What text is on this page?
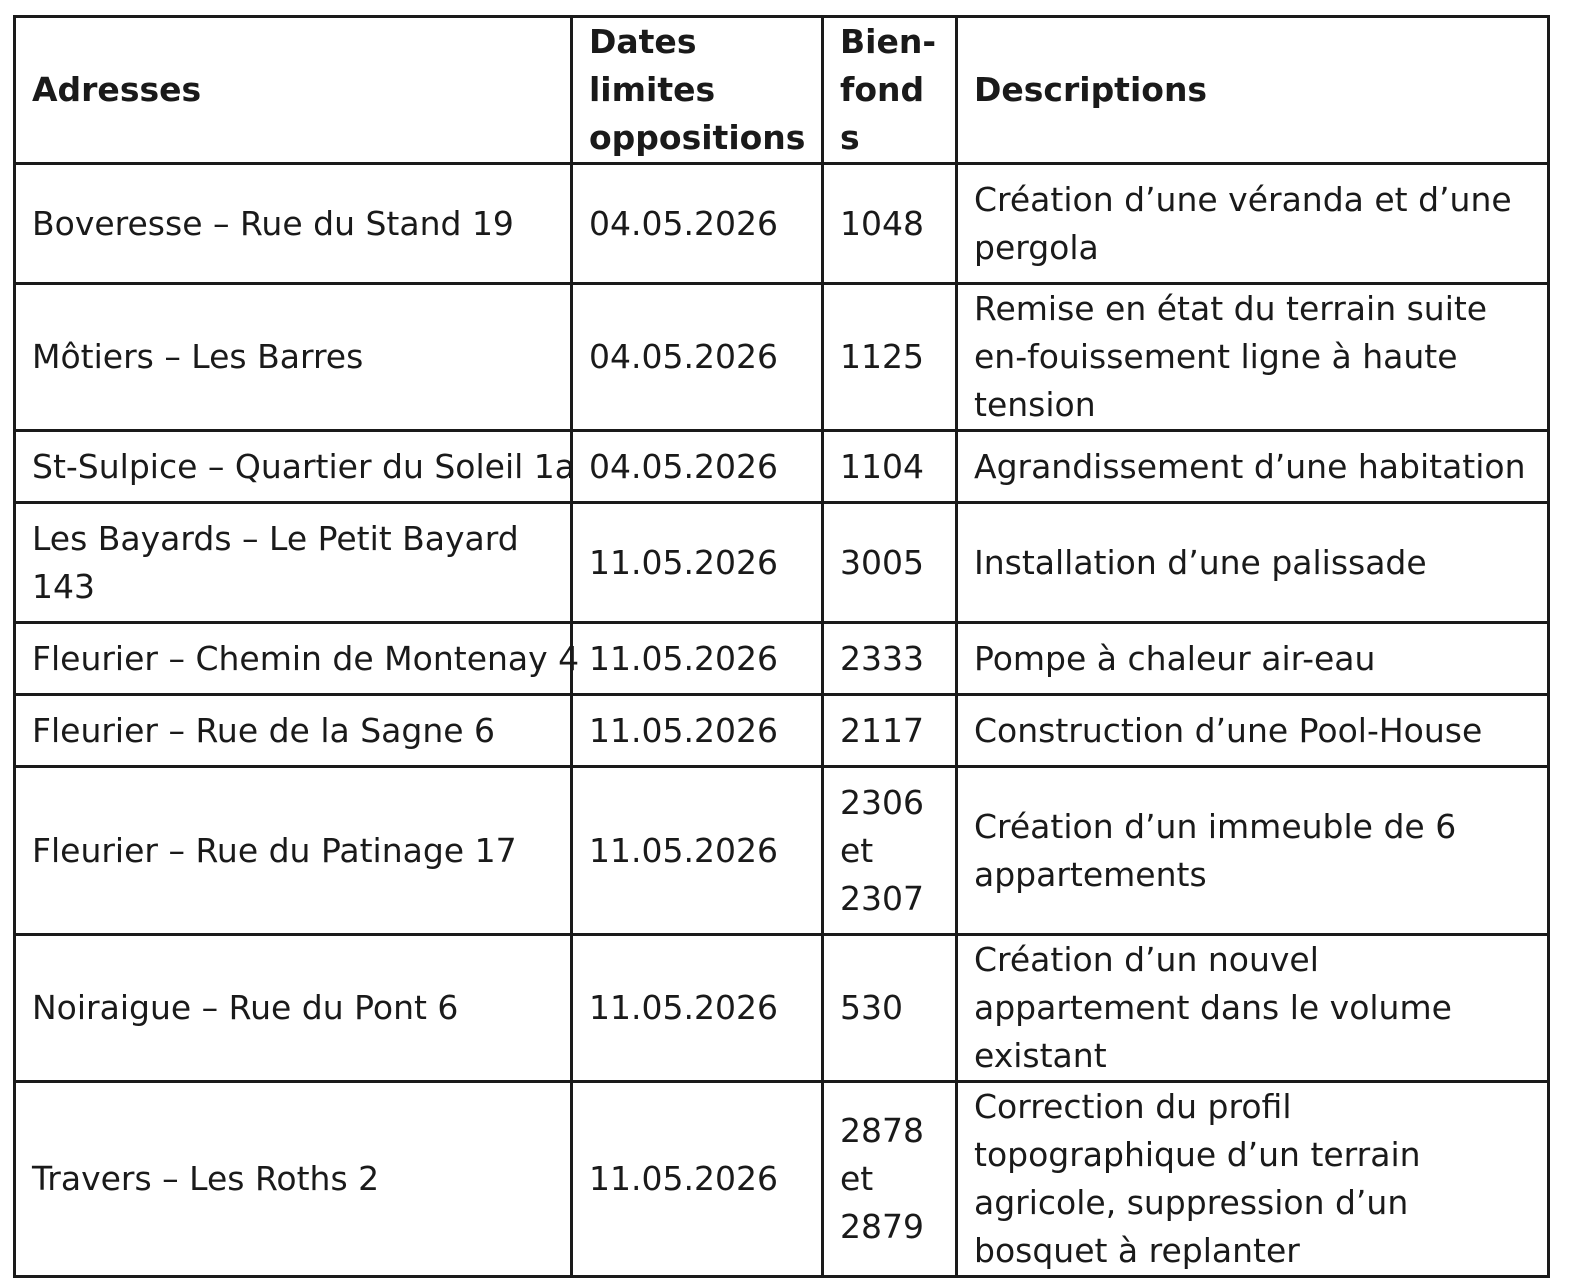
Adresses	Dates limites oppositions	Bien-fonds	Descriptions
Boveresse – Rue du Stand 19	04.05.2026	1048	Création d’une véranda et d’une pergola
Môtiers – Les Barres	04.05.2026	1125	Remise en état du terrain suite en-fouissement ligne à haute tension
St-Sulpice – Quartier du Soleil 1a	04.05.2026	1104	Agrandissement d’une habitation
Les Bayards – Le Petit Bayard 143	11.05.2026	3005	Installation d’une palissade
Fleurier – Chemin de Montenay 4	11.05.2026	2333	Pompe à chaleur air-eau
Fleurier – Rue de la Sagne 6	11.05.2026	2117	Construction d’une Pool-House
Fleurier – Rue du Patinage 17	11.05.2026	2306 et 2307	Création d’un immeuble de 6 appartements
Noiraigue – Rue du Pont 6	11.05.2026	530	Création d’un nouvel appartement dans le volume existant
Travers – Les Roths 2	11.05.2026	2878 et 2879	Correction du profil topographique d’un terrain agricole, suppression d’un bosquet à replanter
